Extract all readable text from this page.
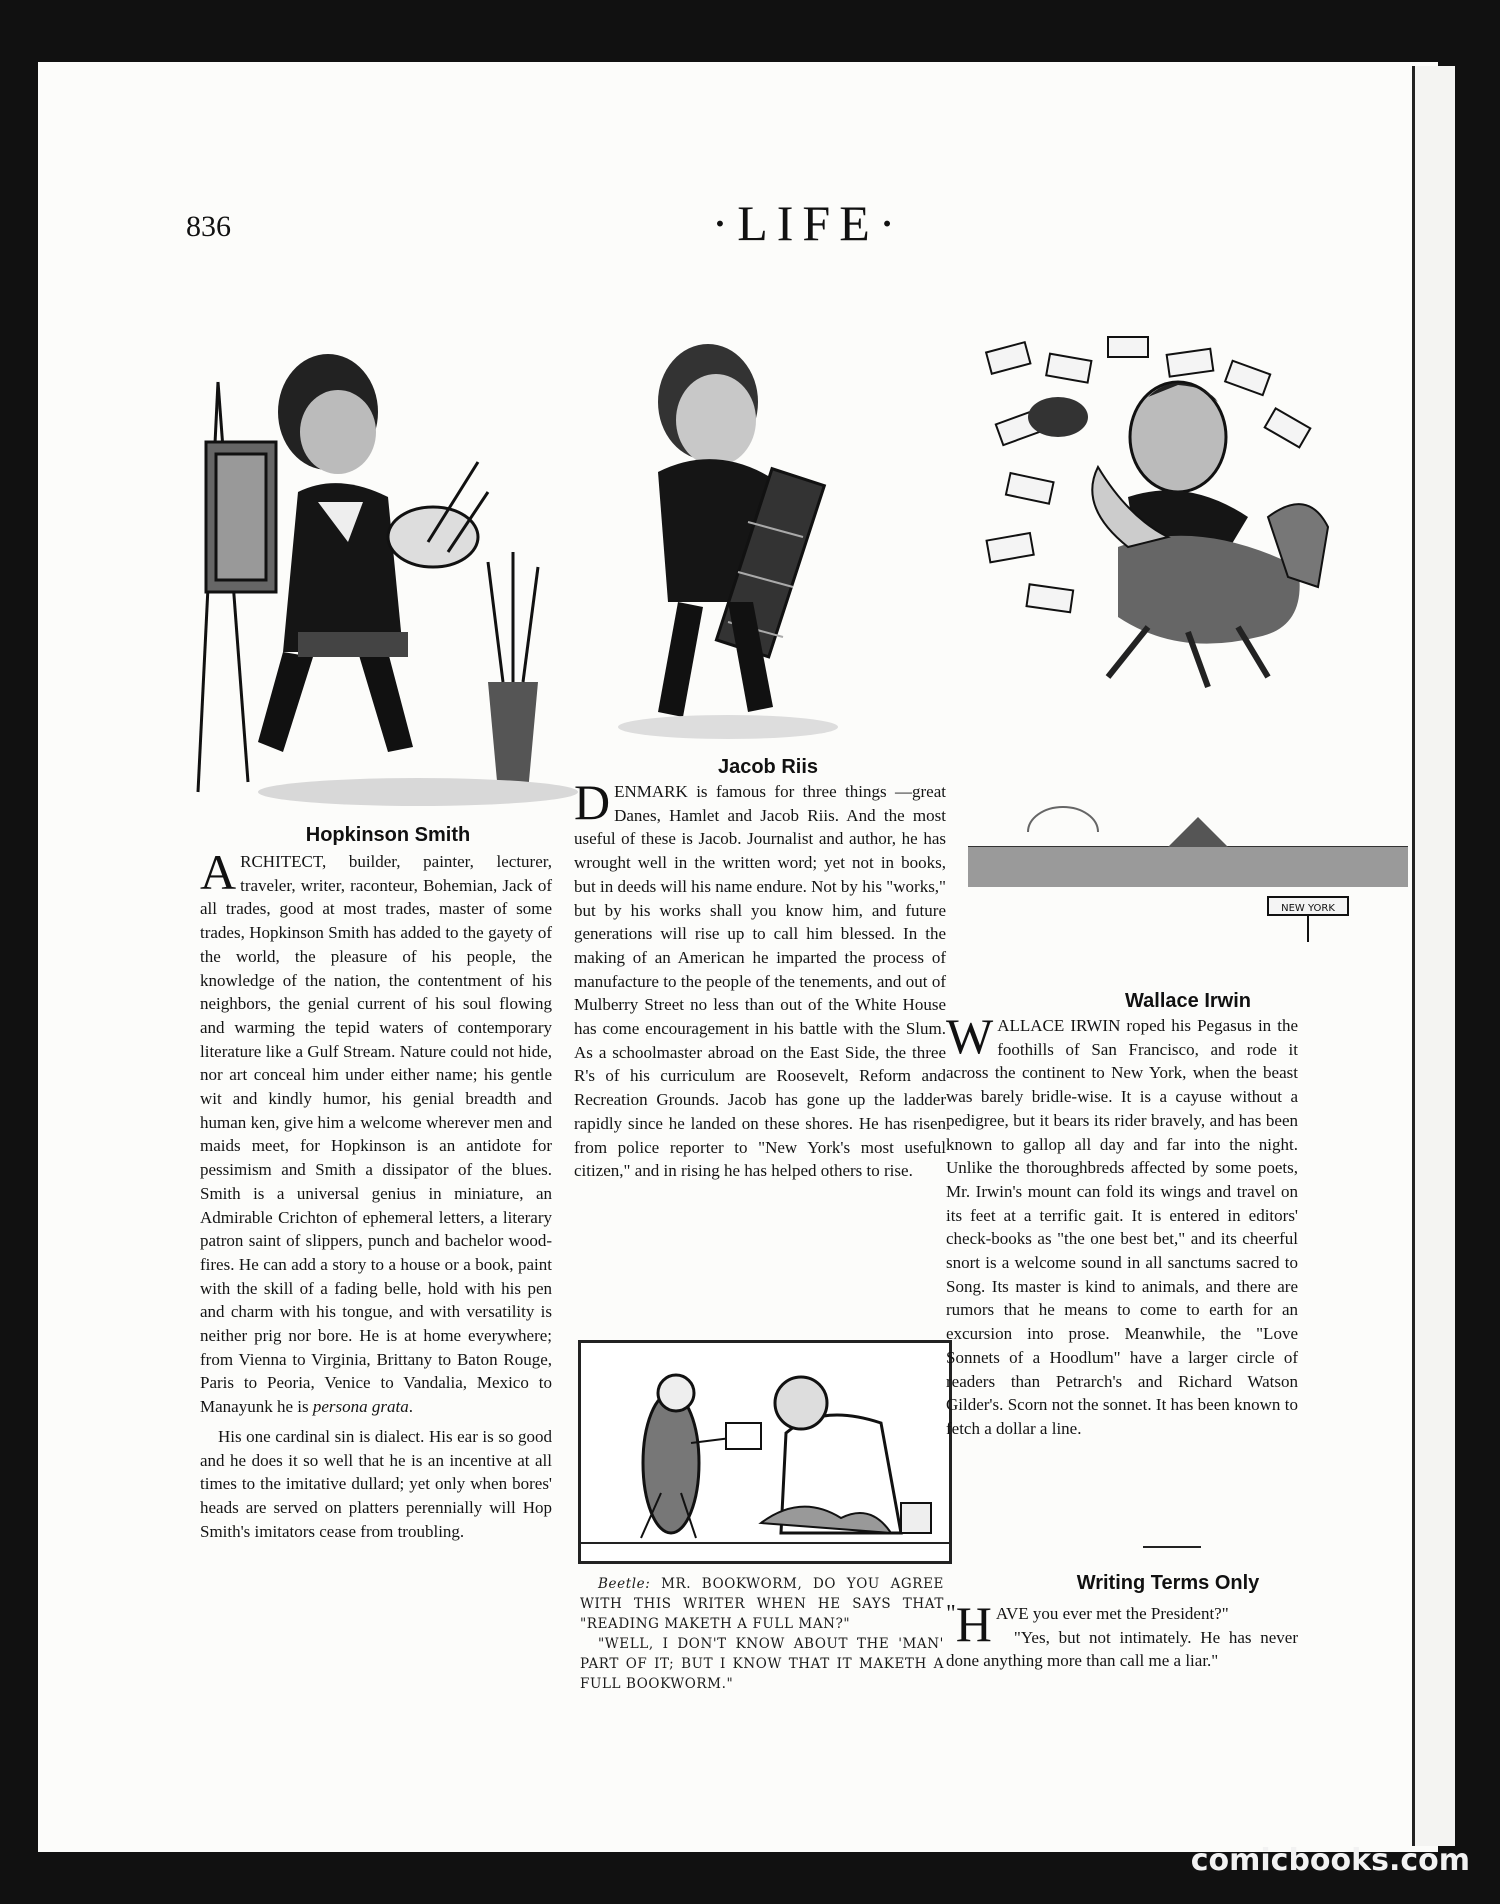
836	·LIFE·
Hopkinson Smith
Jacob Riis
NEW YORK
Wallace Irwin

ARCHITECT, builder, painter, lecturer, traveler, writer, raconteur, Bohemian, Jack of all trades, good at most trades, master of some trades, Hopkinson Smith has added to the gayety of the world, the pleasure of his people, the knowledge of the nation, the contentment of his neighbors, the genial current of his soul flowing and warming the tepid waters of contemporary literature like a Gulf Stream. Nature could not hide, nor art conceal him under either name; his gentle wit and kindly humor, his genial breadth and human ken, give him a welcome wherever men and maids meet, for Hopkinson is an antidote for pessimism and Smith a dissipator of the blues. Smith is a universal genius in miniature, an Admirable Crichton of ephemeral letters, a literary patron saint of slippers, punch and bachelor wood-fires. He can add a story to a house or a book, paint with the skill of a fading belle, hold with his pen and charm with his tongue, and with versatility is neither prig nor bore. He is at home everywhere; from Vienna to Virginia, Brittany to Baton Rouge, Paris to Peoria, Venice to Vandalia, Mexico to Manayunk he is persona grata.

His one cardinal sin is dialect. His ear is so good and he does it so well that he is an incentive at all times to the imitative dullard; yet only when bores' heads are served on platters perennially will Hop Smith's imitators cease from troubling.

DENMARK is famous for three things —great Danes, Hamlet and Jacob Riis. And the most useful of these is Jacob. Journalist and author, he has wrought well in the written word; yet not in books, but in deeds will his name endure. Not by his "works," but by his works shall you know him, and future generations will rise up to call him blessed. In the making of an American he imparted the process of manufacture to the people of the tenements, and out of Mulberry Street no less than out of the White House has come encouragement in his battle with the Slum. As a schoolmaster abroad on the East Side, the three R's of his curriculum are Roosevelt, Reform and Recreation Grounds. Jacob has gone up the ladder rapidly since he landed on these shores. He has risen from police reporter to "New York's most useful citizen," and in rising he has helped others to rise.

Beetle: MR. BOOKWORM, DO YOU AGREE WITH THIS WRITER WHEN HE SAYS THAT "READING MAKETH A FULL MAN?"

"WELL, I DON'T KNOW ABOUT THE 'MAN' PART OF IT; BUT I KNOW THAT IT MAKETH A FULL BOOKWORM."

WALLACE IRWIN roped his Pegasus in the foothills of San Francisco, and rode it across the continent to New York, when the beast was barely bridle-wise. It is a cayuse without a pedigree, but it bears its rider bravely, and has been known to gallop all day and far into the night. Unlike the thoroughbreds affected by some poets, Mr. Irwin's mount can fold its wings and travel on its feet at a terrific gait. It is entered in editors' check-books as "the one best bet," and its cheerful snort is a welcome sound in all sanctums sacred to Song. Its master is kind to animals, and there are rumors that he means to come to earth for an excursion into prose. Meanwhile, the "Love Sonnets of a Hoodlum" have a larger circle of readers than Petrarch's and Richard Watson Gilder's. Scorn not the sonnet. It has been known to fetch a dollar a line.

Writing Terms Only

" H AVE you ever met the President?"

"Yes, but not intimately. He has never done anything more than call me a liar."

comicbooks.com
